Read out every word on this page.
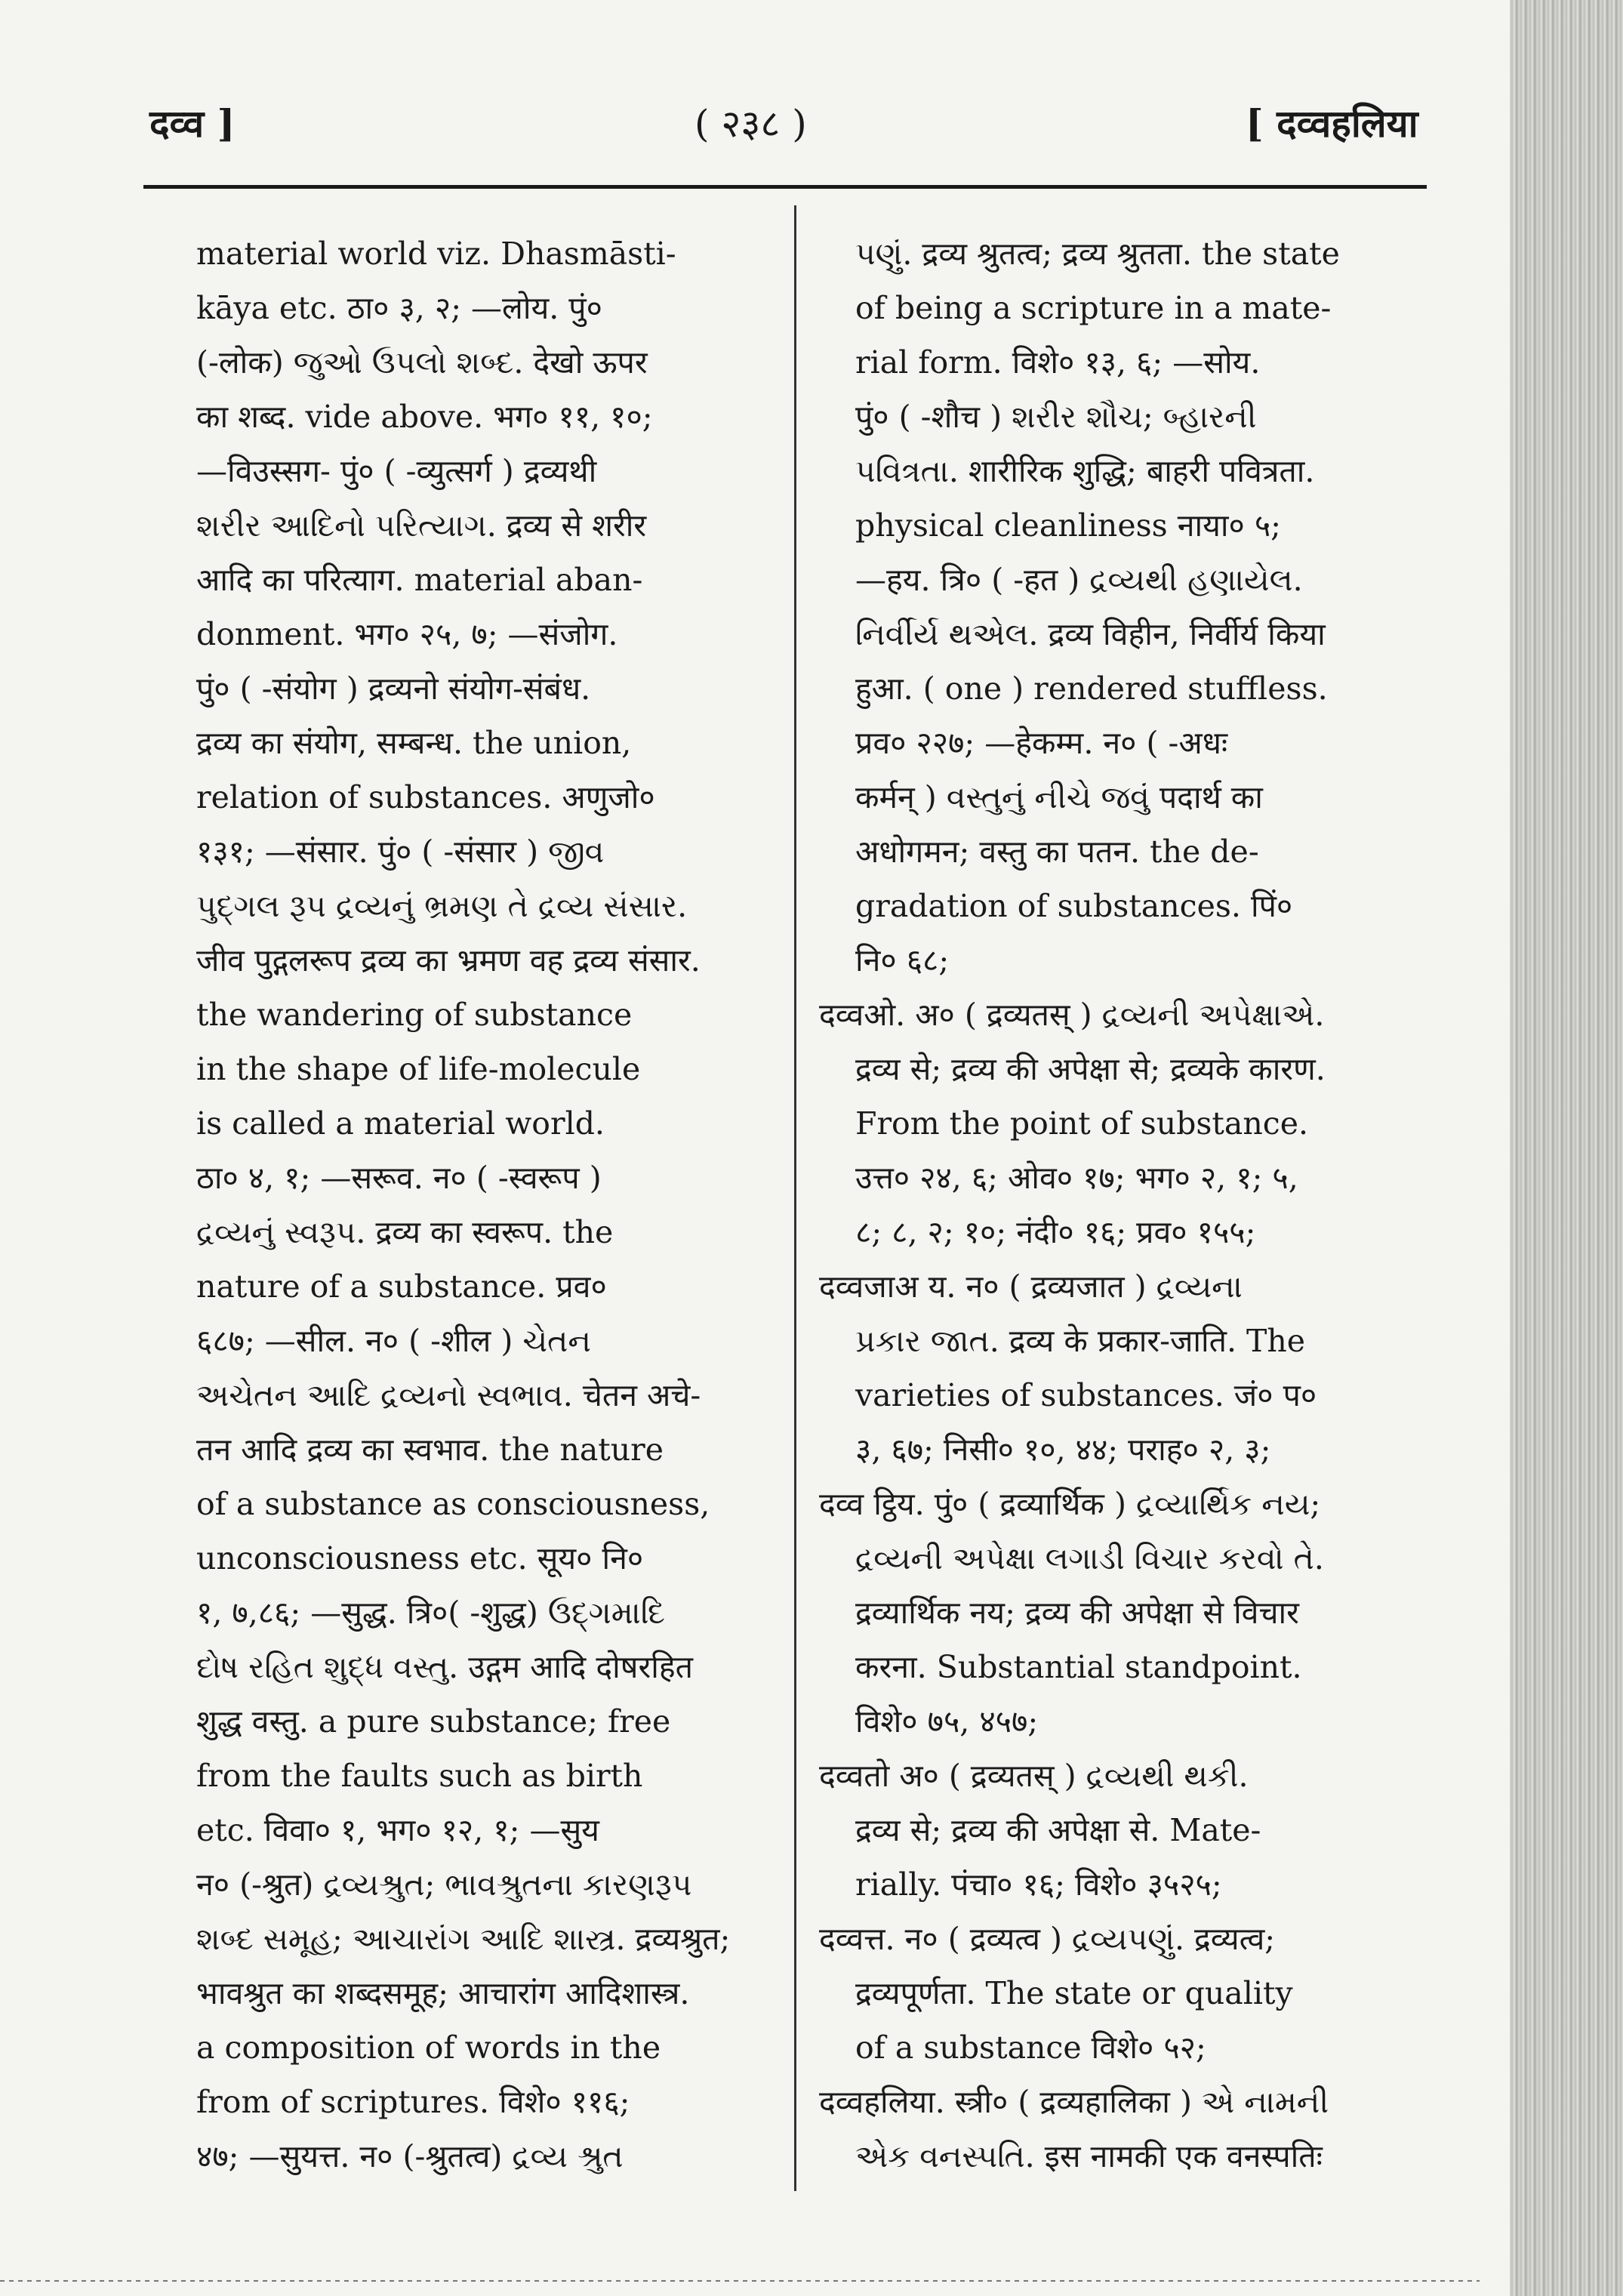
दव्व ]	( २३८ )	[ दव्वहलिया
material world viz. Dhasmāsti-
kāya etc. ठा० ३, २; —लोय. पुं०
(-लोक) જુઓ ઉપલો શબ્દ. देखो ऊपर
का शब्द. vide above. भग० ११, १०;
—विउस्सग- पुं० ( -व्युत्सर्ग ) द्रव्यथी
શરીર આદિનો પરિત્યાગ. द्रव्य से शरीर
आदि का परित्याग. material aban-
donment. भग० २५, ७; —संजोग.
पुं० ( -संयोग ) द्रव्यनो संयोग-संबंध.
द्रव्य का संयोग, सम्बन्ध. the union,
relation of substances. अणुजो०
१३१; —संसार. पुं० ( -संसार ) જીવ
પુદ્ગલ રૂપ દ્રવ્યનું ભ્રમણ તે દ્રવ્ય સંસાર.
जीव पुद्गलरूप द्रव्य का भ्रमण वह द्रव्य संसार.
the wandering of substance
in the shape of life-molecule
is called a material world.
ठा० ४, १; —सरूव. न० ( -स्वरूप )
દ્રવ્યનું સ્વરૂપ. द्रव्य का स्वरूप. the
nature of a substance. प्रव०
६८७; —सील. न० ( -शील ) ચેતન
અચેતન આદિ દ્રવ્યનો સ્વભાવ. चेतन अचे-
तन आदि द्रव्य का स्वभाव. the nature
of a substance as consciousness,
unconsciousness etc. सूय० नि०
१, ७,८६; —सुद्ध. त्रि०( -शुद्ध) ઉદ્ગમાદિ
દોષ રહિત શુદ્ધ વસ્તુ. उद्गम आदि दोषरहित
शुद्ध वस्तु. a pure substance; free
from the faults such as birth
etc. विवा० १, भग० १२, १; —सुय
न० (-श्रुत) દ્રવ્યશ્રુત; ભાવશ્રુતના કારણરૂપ
શબ્દ સમૂહ; આચારાંગ આદિ શાસ્ત્ર. द्रव्यश्रुत;
भावश्रुत का शब्दसमूह; आचारांग आदिशास्त्र.
a composition of words in the
from of scriptures. विशे० ११६;
४७; —सुयत्त. न० (-श्रुतत्व) દ્રવ્ય શ્રુત
પણું. द्रव्य श्रुतत्व; द्रव्य श्रुतता. the state
of being a scripture in a mate-
rial form. विशे० १३, ६; —सोय.
पुं० ( -शौच ) શરીર શૌચ; બ્હારની
પવિત્રતા. शारीरिक शुद्धि; बाहरी पवित्रता.
physical cleanliness नाया० ५;
—हय. त्रि० ( -हत ) દ્રવ્યથી હણાયેલ.
નિર્વીર્ય થએલ. द्रव्य विहीन, निर्वीर्य किया
हुआ. ( one ) rendered stuffless.
प्रव० २२७; —हेकम्म. न० ( -अधः
कर्मन् ) વસ્તુનું નીચે જવું पदार्थ का
अधोगमन; वस्तु का पतन. the de-
gradation of substances. पिं०
नि० ६८;
दव्वओ. अ० ( द्रव्यतस् ) દ્રવ્યની અપેક્ષાએ.
द्रव्य से; द्रव्य की अपेक्षा से; द्रव्यके कारण.
From the point of substance.
उत्त० २४, ६; ओव० १७; भग० २, १; ५,
८; ८, २; १०; नंदी० १६; प्रव० १५५;
दव्वजाअ य. न० ( द्रव्यजात ) દ્રવ્યના
પ્રકાર જાત. द्रव्य के प्रकार-जाति. The
varieties of substances. जं० प०
३, ६७; निसी० १०, ४४; पराह० २, ३;
दव्व ट्ठिय. पुं० ( द्रव्यार्थिक ) દ્રવ્યાર્થિક નય;
દ્રવ્યની અપેક્ષા લગાડી વિચાર કરવો તે.
द्रव्यार्थिक नय; द्रव्य की अपेक्षा से विचार
करना. Substantial standpoint.
विशे० ७५, ४५७;
दव्वतो अ० ( द्रव्यतस् ) દ્રવ્યથી થકી.
द्रव्य से; द्रव्य की अपेक्षा से. Mate-
rially. पंचा० १६; विशे० ३५२५;
दव्वत्त. न० ( द्रव्यत्व ) દ્રવ્યપણું. द्रव्यत्व;
द्रव्यपूर्णता. The state or quality
of a substance विशे० ५२;
दव्वहलिया. स्त्री० ( द्रव्यहालिका ) એ નામની
એક વનસ્પતિ. इस नामकी एक वनस्पतिः
